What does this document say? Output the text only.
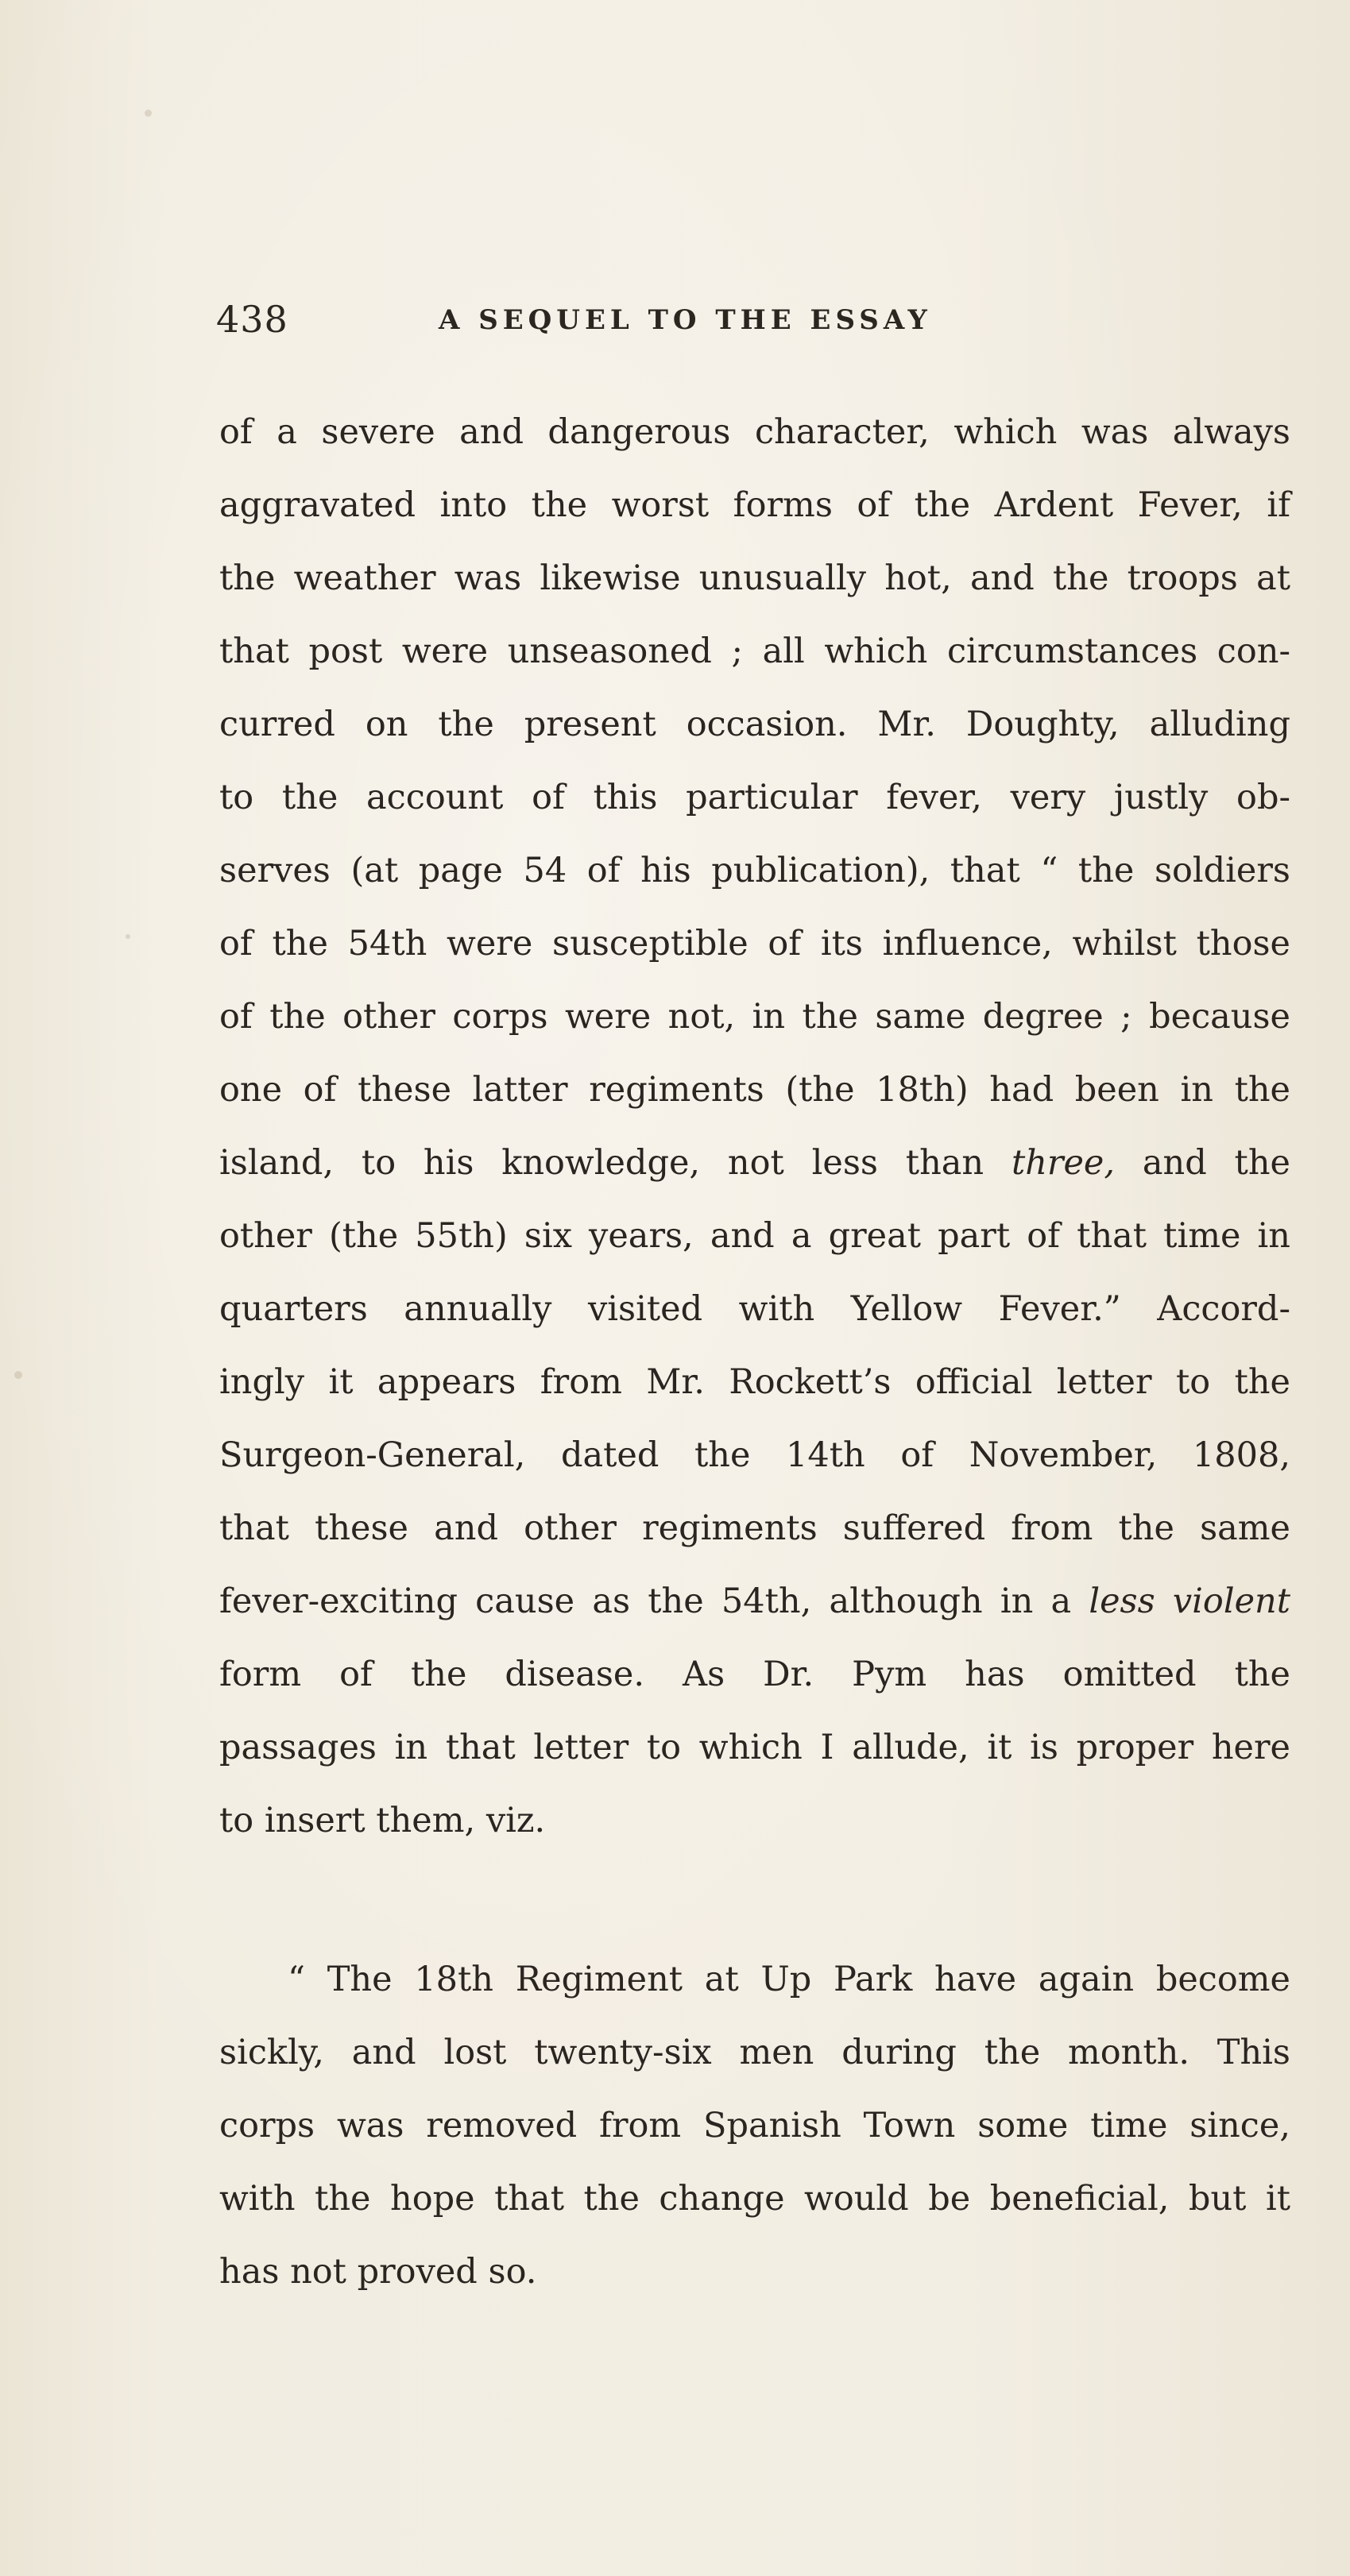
438	A SEQUEL TO THE ESSAY
of a severe and dangerous character, which was always
aggravated into the worst forms of the Ardent Fever, if
the weather was likewise unusually hot, and the troops at
that post were unseasoned ; all which circumstances con-
curred on the present occasion. Mr. Doughty, alluding
to the account of this particular fever, very justly ob-
serves (at page 54 of his publication), that “ the soldiers
of the 54th were susceptible of its influence, whilst those
of the other corps were not, in the same degree ; because
one of these latter regiments (the 18th) had been in the
island, to his knowledge, not less than three, and the
other (the 55th) six years, and a great part of that time in
quarters annually visited with Yellow Fever.” Accord-
ingly it appears from Mr. Rockett’s official letter to the
Surgeon-General, dated the 14th of November, 1808,
that these and other regiments suffered from the same
fever-exciting cause as the 54th, although in a less violent
form of the disease. As Dr. Pym has omitted the
passages in that letter to which I allude, it is proper here
to insert them, viz.
“ The 18th Regiment at Up Park have again become
sickly, and lost twenty-six men during the month. This
corps was removed from Spanish Town some time since,
with the hope that the change would be beneficial, but it
has not proved so.
